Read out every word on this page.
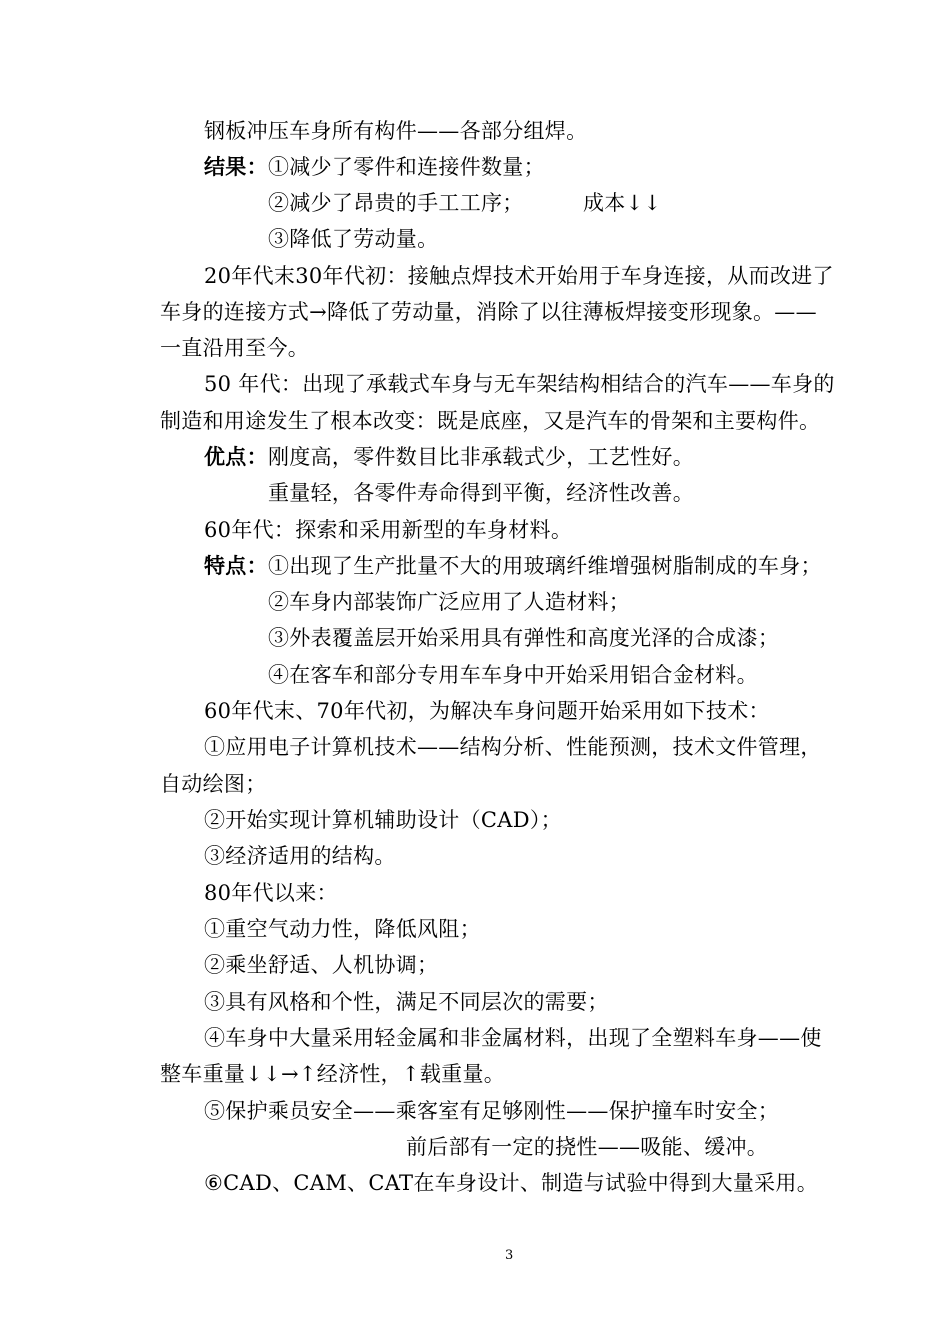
钢板冲压车身所有构件——各部分组焊。
结果： ①减少了零件和连接件数量；
②减少了昂贵的手工工序；	成本↓↓
③降低了劳动量。
20年代末30年代初：接触点焊技术开始用于车身连接，从而改进了
车身的连接方式→降低了劳动量，消除了以往薄板焊接变形现象。——
一直沿用至今。
50 年代：出现了承载式车身与无车架结构相结合的汽车——车身的
制造和用途发生了根本改变：既是底座，又是汽车的骨架和主要构件。
优点： 刚度高，零件数目比非承载式少，工艺性好。
重量轻，各零件寿命得到平衡，经济性改善。
60年代：探索和采用新型的车身材料。
特点： ①出现了生产批量不大的用玻璃纤维增强树脂制成的车身；
②车身内部装饰广泛应用了人造材料；
③外表覆盖层开始采用具有弹性和高度光泽的合成漆；
④在客车和部分专用车车身中开始采用铝合金材料。
60年代末、70年代初，为解决车身问题开始采用如下技术：
①应用电子计算机技术——结构分析、性能预测，技术文件管理，
自动绘图；
②开始实现计算机辅助设计（CAD）；
③经济适用的结构。
80年代以来：
①重空气动力性，降低风阻；
②乘坐舒适、人机协调；
③具有风格和个性，满足不同层次的需要；
④车身中大量采用轻金属和非金属材料，出现了全塑料车身——使
整车重量↓↓→↑经济性，↑载重量。
⑤保护乘员安全——乘客室有足够刚性——保护撞车时安全；
前后部有一定的挠性——吸能、缓冲。
⑥CAD、CAM、CAT在车身设计、制造与试验中得到大量采用。
3
